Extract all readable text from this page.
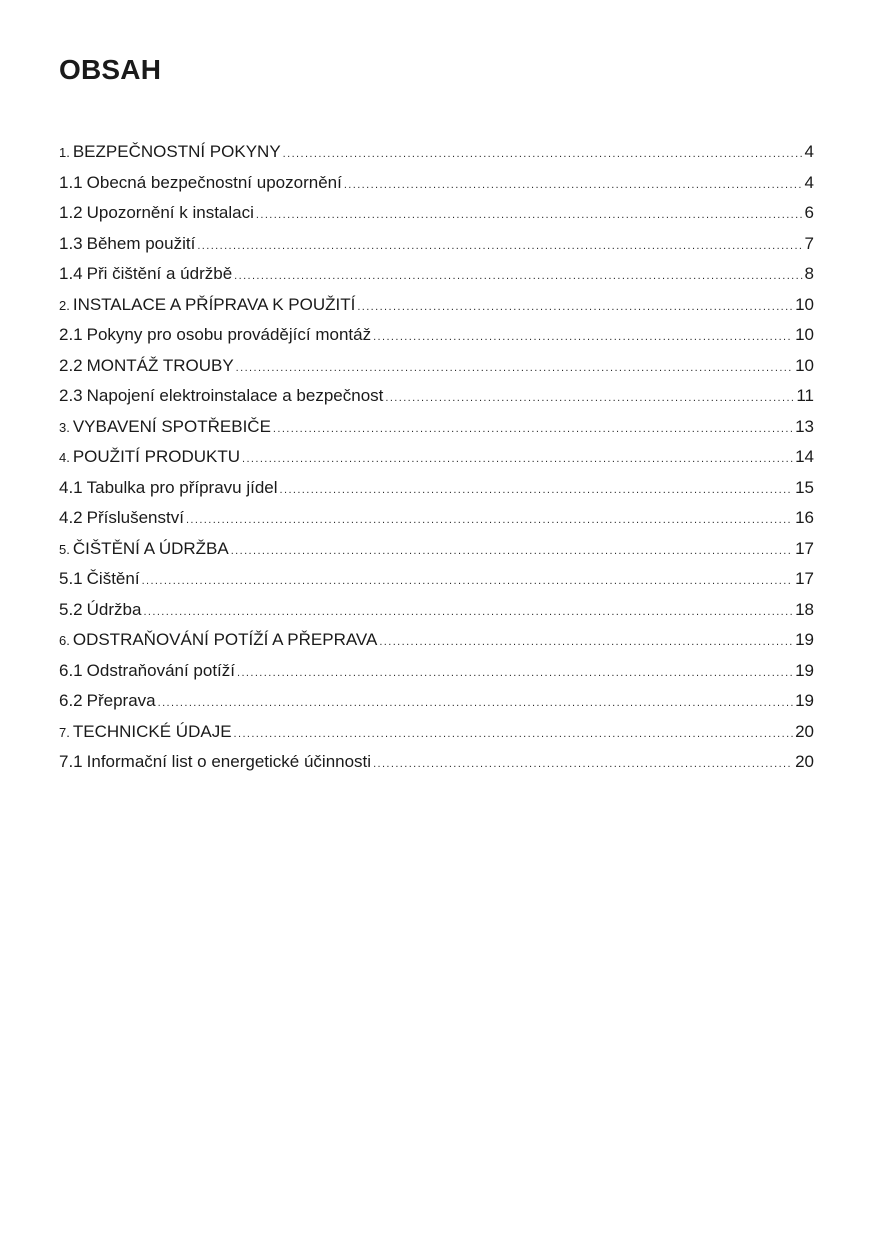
OBSAH
1. BEZPEČNOSTNÍ POKYNY .....	4
1.1 Obecná bezpečnostní upozornění .....	4
1.2 Upozornění k instalaci .....	6
1.3 Během použití .....	7
1.4 Při čištění a údržbě .....	8
2. INSTALACE A PŘÍPRAVA K POUŽITÍ .....	10
2.1 Pokyny pro osobu provádějící montáž .....	10
2.2 MONTÁŽ TROUBY .....	10
2.3 Napojení elektroinstalace a bezpečnost .....	11
3. VYBAVENÍ SPOTŘEBIČE .....	13
4. POUŽITÍ PRODUKTU .....	14
4.1 Tabulka pro přípravu jídel .....	15
4.2 Příslušenství .....	16
5. ČIŠTĚNÍ A ÚDRŽBA .....	17
5.1 Čištění .....	17
5.2 Údržba .....	18
6. ODSTRAŇOVÁNÍ POTÍŽÍ A PŘEPRAVA .....	19
6.1 Odstraňování potíží .....	19
6.2 Přeprava .....	19
7. TECHNICKÉ ÚDAJE .....	20
7.1 Informační list o energetické účinnosti .....	20
